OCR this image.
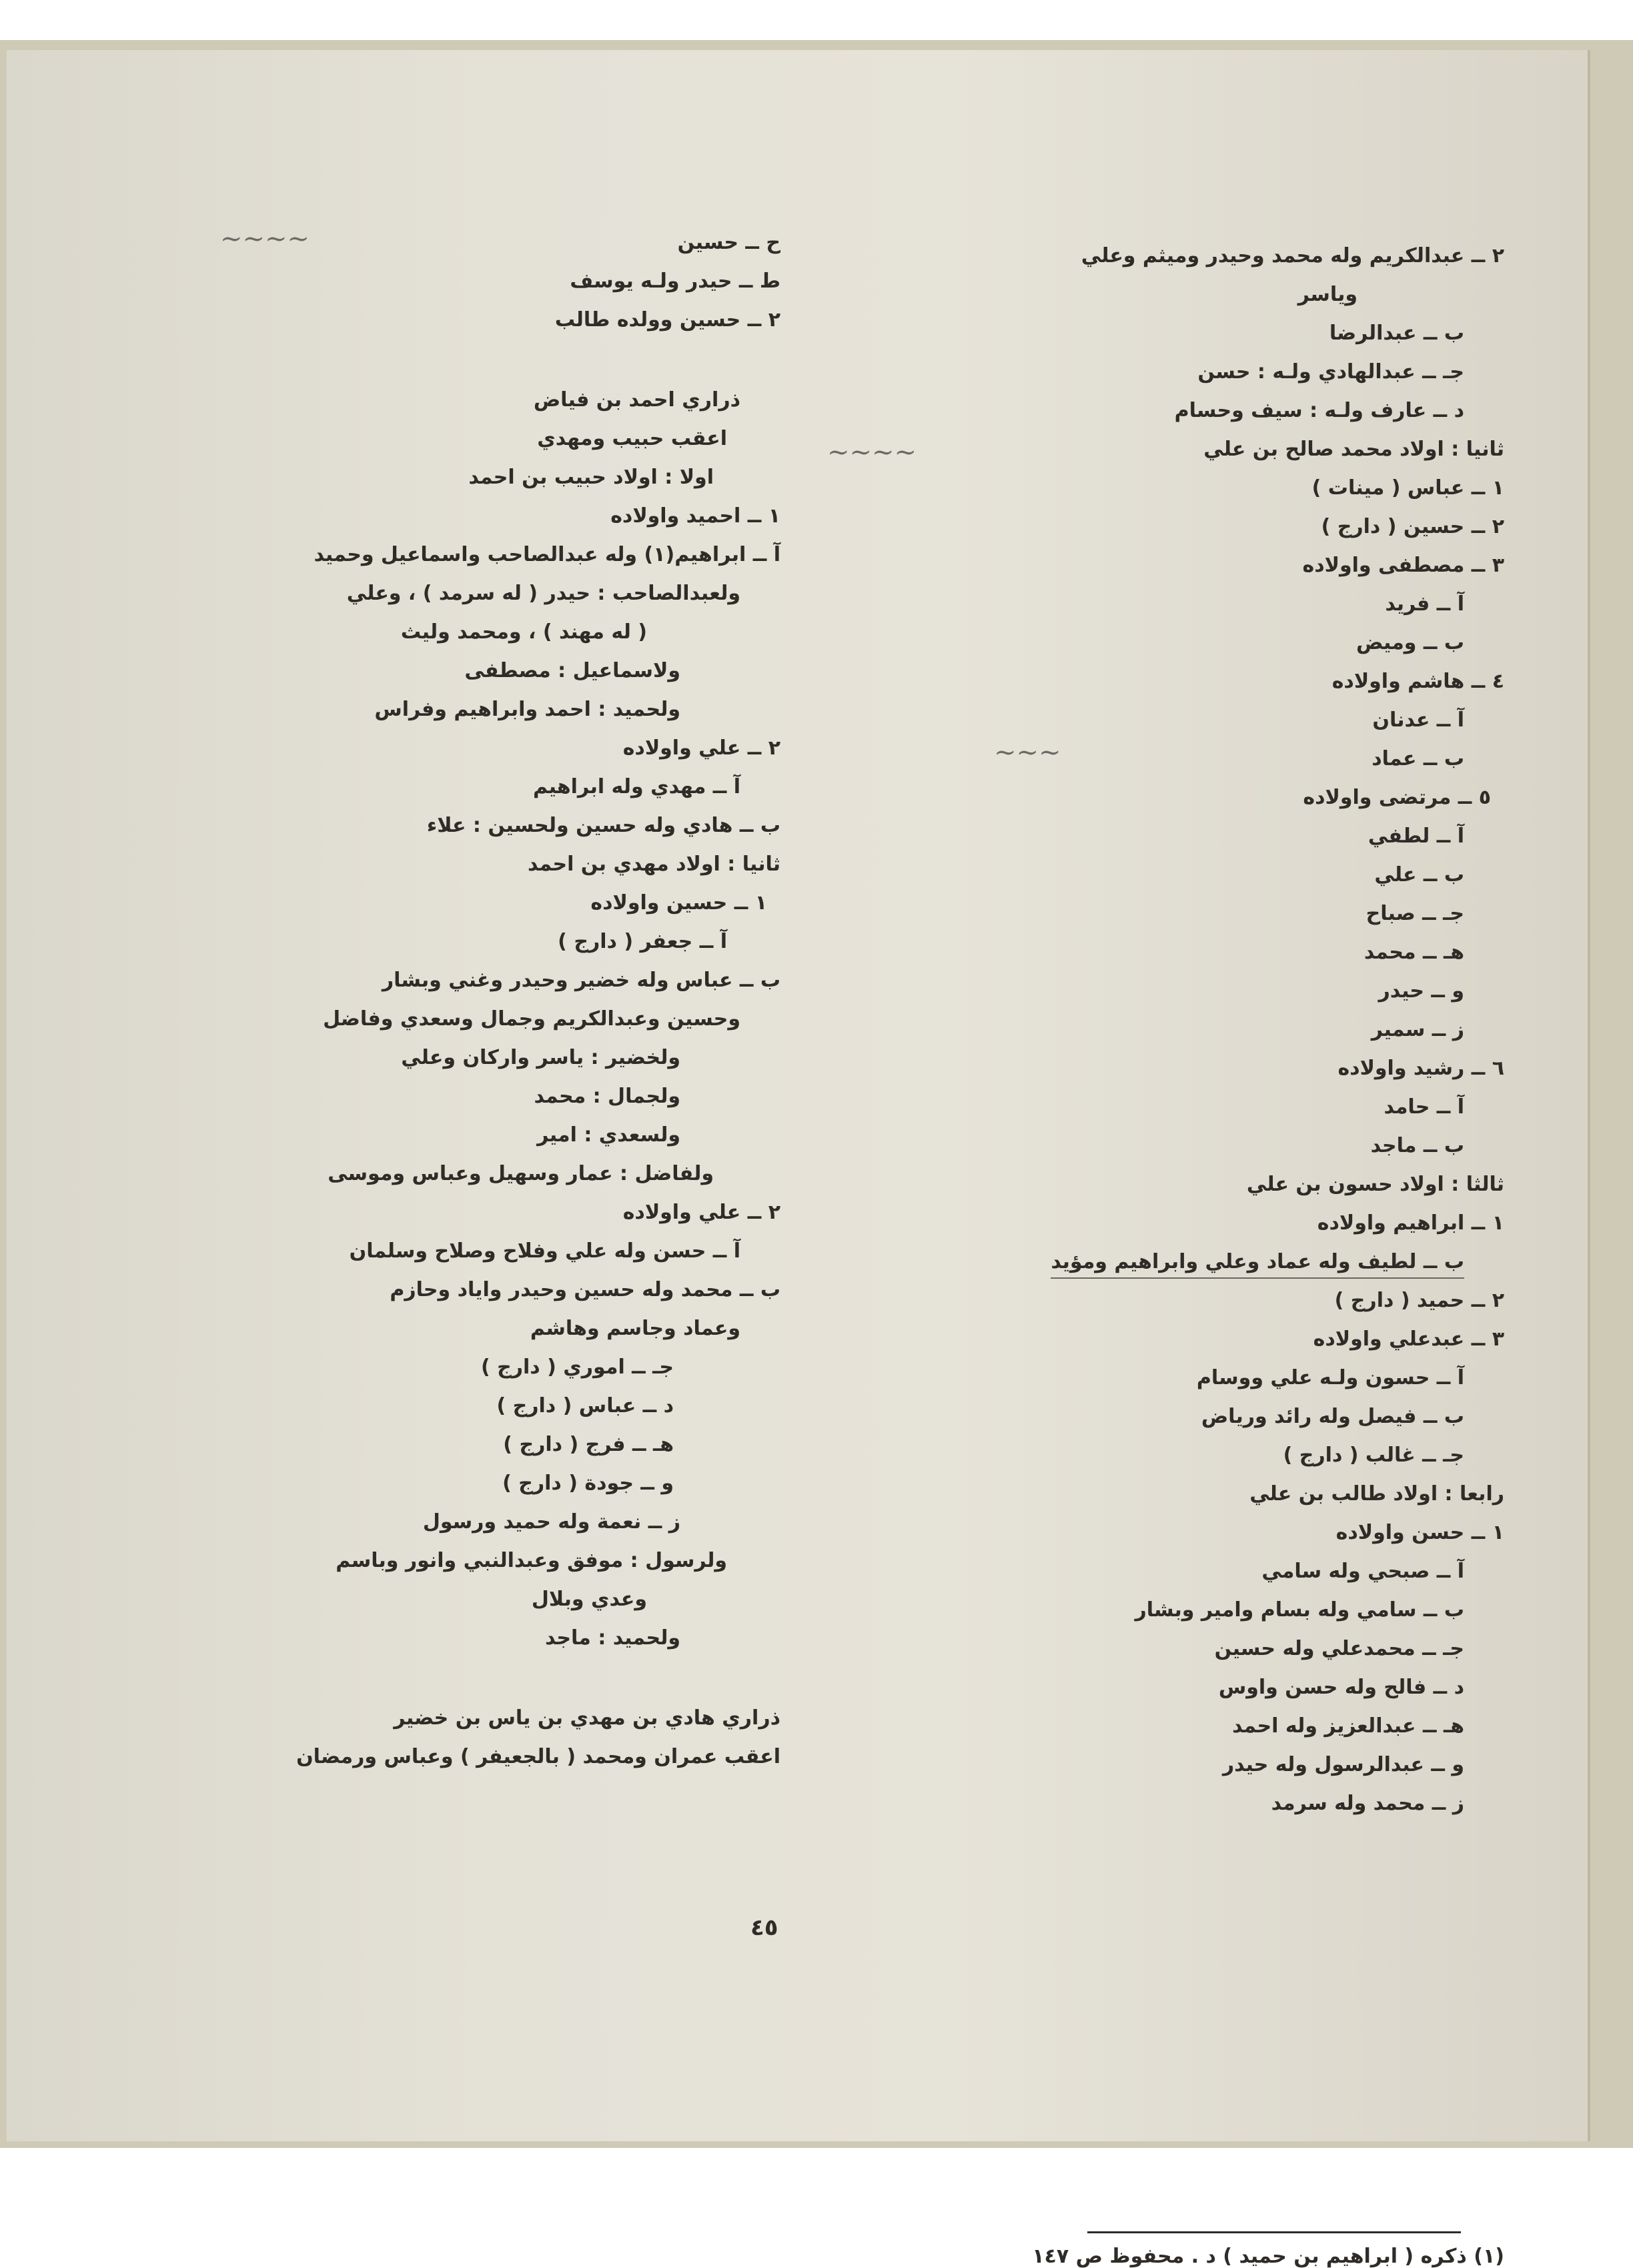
٢ ــ عبدالكريم وله محمد وحيدر وميثم وعلي
وياسر
ب ــ عبدالرضا
جـ ــ عبدالهادي ولـه : حسن
د ــ عارف ولـه : سيف وحسام
ثانيا : اولاد محمد صالح بن علي
١ ــ عباس ( مينات )
٢ ــ حسين ( دارج )
٣ ــ مصطفى واولاده
آ ــ فريد
ب ــ وميض
٤ ــ هاشم واولاده
آ ــ عدنان
ب ــ عماد
٥ ــ مرتضى واولاده
آ ــ لطفي
ب ــ علي
جـ ــ صباح
هـ ــ محمد
و ــ حيدر
ز ــ سمير
٦ ــ رشيد واولاده
آ ــ حامد
ب ــ ماجد
ثالثا : اولاد حسون بن علي
١ ــ ابراهيم واولاده
ب ــ لطيف وله عماد وعلي وابراهيم ومؤيد
٢ ــ حميد ( دارج )
٣ ــ عبدعلي واولاده
آ ــ حسون ولـه علي ووسام
ب ــ فيصل وله رائد ورياض
جـ ــ غالب ( دارج )
رابعا : اولاد طالب بن علي
١ ــ حسن واولاده
آ ــ صبحي وله سامي
ب ــ سامي وله بسام وامير وبشار
جـ ــ محمدعلي وله حسين
د ــ فالح وله حسن واوس
هـ ــ عبدالعزيز وله احمد
و ــ عبدالرسول وله حيدر
ز ــ محمد وله سرمد
ح ــ حسين
ط ــ حيدر ولـه يوسف
٢ ــ حسين وولده طالب
ذراري احمد بن فياض
اعقب حبيب ومهدي
اولا : اولاد حبيب بن احمد
١ ــ احميد واولاده
آ ــ ابراهيم(١) وله عبدالصاحب واسماعيل وحميد
ولعبدالصاحب : حيدر ( له سرمد ) ، وعلي
( له مهند ) ، ومحمد وليث
ولاسماعيل : مصطفى
ولحميد : احمد وابراهيم وفراس
٢ ــ علي واولاده
آ ــ مهدي وله ابراهيم
ب ــ هادي وله حسين ولحسين : علاء
ثانيا : اولاد مهدي بن احمد
١ ــ حسين واولاده
آ ــ جعفر ( دارج )
ب ــ عباس وله خضير وحيدر وغني وبشار
وحسين وعبدالكريم وجمال وسعدي وفاضل
ولخضير : ياسر واركان وعلي
ولجمال : محمد
ولسعدي : امير
ولفاضل : عمار وسهيل وعباس وموسى
٢ ــ علي واولاده
آ ــ حسن وله علي وفلاح وصلاح وسلمان
ب ــ محمد وله حسين وحيدر واياد وحازم
وعماد وجاسم وهاشم
جـ ــ اموري ( دارج )
د ــ عباس ( دارج )
هـ ــ فرج ( دارج )
و ــ جودة ( دارج )
ز ــ نعمة وله حميد ورسول
ولرسول : موفق وعبدالنبي وانور وباسم
وعدي وبلال
ولحميد : ماجد
ذراري هادي بن مهدي بن ياس بن خضير
اعقب عمران ومحمد ( بالجعيفر ) وعباس ورمضان
(١) ذكره ( ابراهيم بن حميد ) د . محفوظ ص ١٤٧
٤٥
~~~~
~~~~
~~~
